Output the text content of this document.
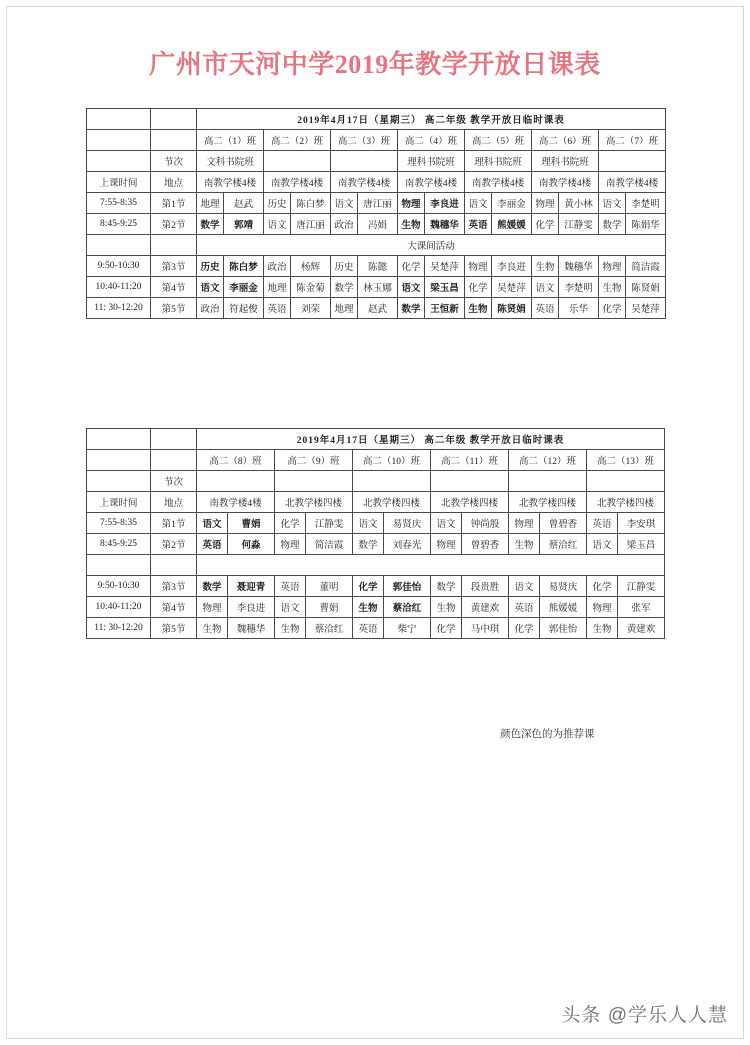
广州市天河中学2019年教学开放日课表
		2019年4月17日（星期三） 高二年级 教学开放日临时课表													
		高二（1）班		高二（2）班		高二（3）班		高二（4）班		高二（5）班		高二（6）班		高二（7）班	
	节次	文科书院班						理科书院班		理科书院班		理科书院班			
上课时间	地点	南教学楼4楼		南教学楼4楼		南教学楼4楼		南教学楼4楼		南教学楼4楼		南教学楼4楼		南教学楼4楼	
7:55-8:35	第1节	地理	赵武	历史	陈白梦	语文	唐江丽	物理	李良进	语文	李丽金	物理	黄小林	语文	李楚明
8:45-9:25	第2节	数学	郭靖	语文	唐江丽	政治	冯娟	生物	魏穗华	英语	熊媛媛	化学	江静雯	数学	陈娟华
		大课间活动													
9:50-10:30	第3节	历史	陈白梦	政治	杨辉	历史	陈懿	化学	吴楚萍	物理	李良进	生物	魏穗华	物理	简洁霞
10:40-11:20	第4节	语文	李丽金	地理	陈金菊	数学	林玉娜	语文	梁玉昌	化学	吴楚萍	语文	李楚明	生物	陈贤娟
11: 30-12:20	第5节	政治	符起俊	英语	刘荣	地理	赵武	数学	王恒新	生物	陈贤娟	英语	乐华	化学	吴楚萍
		2019年4月17日（星期三） 高二年级 教学开放日临时课表											
		高二（8）班		高二（9）班		高二（10）班		高二（11）班		高二（12）班		高二（13）班	
	节次												
上课时间	地点	南教学楼4楼		北教学楼四楼		北教学楼四楼		北教学楼四楼		北教学楼四楼		北教学楼四楼	
7:55-8:35	第1节	语文	曹娟	化学	江静雯	语文	易贤庆	语文	钟尚殷	物理	曾碧香	英语	李安琪
8:45-9:25	第2节	英语	何淼	物理	简洁霞	数学	刘春光	物理	曾碧香	生物	蔡洽红	语文	梁玉昌

9:50-10:30	第3节	数学	聂迎青	英语	董明	化学	郭佳怡	数学	段贵胜	语文	易贤庆	化学	江静雯
10:40-11:20	第4节	物理	李良进	语文	曹娟	生物	蔡洽红	生物	黄建欢	英语	熊媛媛	物理	张军
11: 30-12:20	第5节	生物	魏穗华	生物	蔡洽红	英语	柴宁	化学	马中琪	化学	郭佳怡	生物	黄建欢
颜色深色的为推荐课
头条 @学乐人人慧
